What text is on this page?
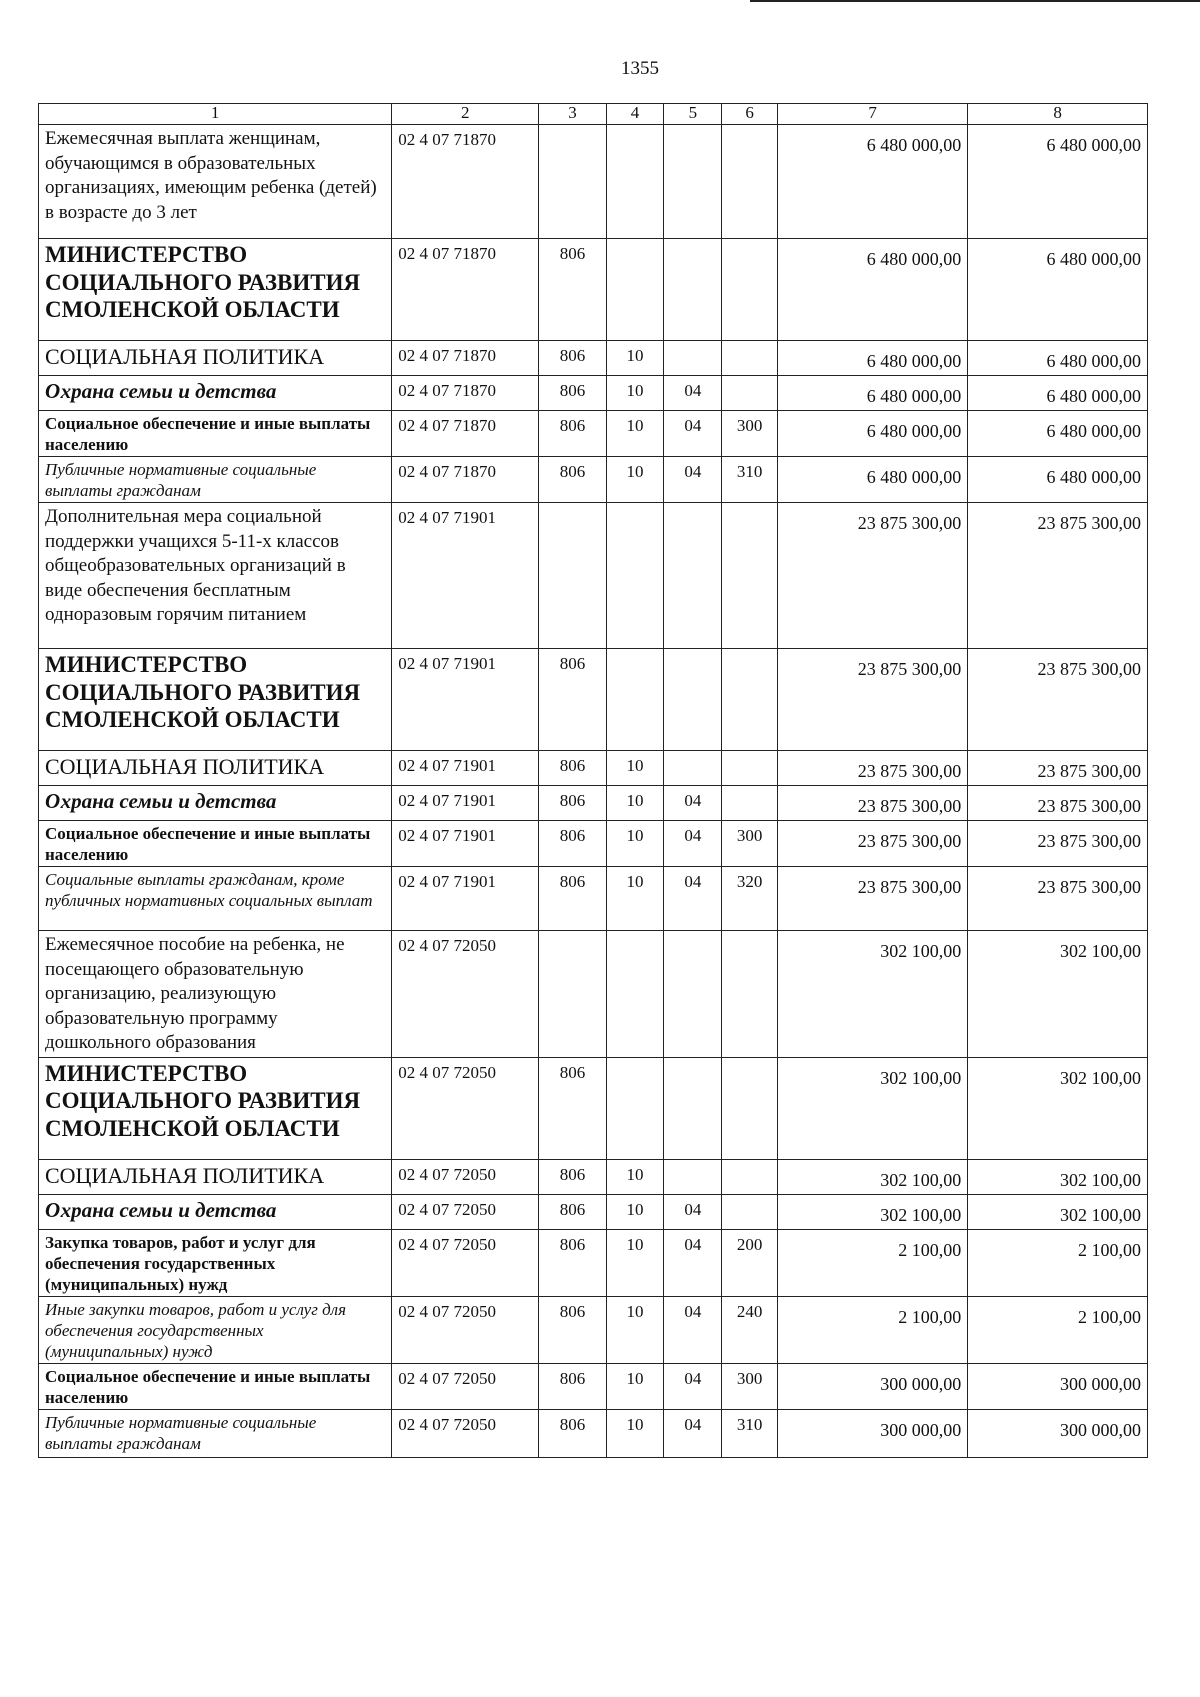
1355
1	2	3	4	5	6	7	8
Ежемесячная выплата женщинам, обучающимся в образовательных организациях, имеющим ребенка (детей) в возрасте до 3 лет	02 4 07 71870					6 480 000,00	6 480 000,00
МИНИСТЕРСТВО СОЦИАЛЬНОГО РАЗВИТИЯ СМОЛЕНСКОЙ ОБЛАСТИ	02 4 07 71870	806				6 480 000,00	6 480 000,00
СОЦИАЛЬНАЯ ПОЛИТИКА	02 4 07 71870	806	10			6 480 000,00	6 480 000,00
Охрана семьи и детства	02 4 07 71870	806	10	04		6 480 000,00	6 480 000,00
Социальное обеспечение и иные выплаты населению	02 4 07 71870	806	10	04	300	6 480 000,00	6 480 000,00
Публичные нормативные социальные выплаты гражданам	02 4 07 71870	806	10	04	310	6 480 000,00	6 480 000,00
Дополнительная мера социальной поддержки учащихся 5-11-х классов общеобразовательных организаций в виде обеспечения бесплатным одноразовым горячим питанием	02 4 07 71901					23 875 300,00	23 875 300,00
МИНИСТЕРСТВО СОЦИАЛЬНОГО РАЗВИТИЯ СМОЛЕНСКОЙ ОБЛАСТИ	02 4 07 71901	806				23 875 300,00	23 875 300,00
СОЦИАЛЬНАЯ ПОЛИТИКА	02 4 07 71901	806	10			23 875 300,00	23 875 300,00
Охрана семьи и детства	02 4 07 71901	806	10	04		23 875 300,00	23 875 300,00
Социальное обеспечение и иные выплаты населению	02 4 07 71901	806	10	04	300	23 875 300,00	23 875 300,00
Социальные выплаты гражданам, кроме публичных нормативных социальных выплат	02 4 07 71901	806	10	04	320	23 875 300,00	23 875 300,00
Ежемесячное пособие на ребенка, не посещающего образовательную организацию, реализующую образовательную программу дошкольного образования	02 4 07 72050					302 100,00	302 100,00
МИНИСТЕРСТВО СОЦИАЛЬНОГО РАЗВИТИЯ СМОЛЕНСКОЙ ОБЛАСТИ	02 4 07 72050	806				302 100,00	302 100,00
СОЦИАЛЬНАЯ ПОЛИТИКА	02 4 07 72050	806	10			302 100,00	302 100,00
Охрана семьи и детства	02 4 07 72050	806	10	04		302 100,00	302 100,00
Закупка товаров, работ и услуг для обеспечения государственных (муниципальных) нужд	02 4 07 72050	806	10	04	200	2 100,00	2 100,00
Иные закупки товаров, работ и услуг для обеспечения государственных (муниципальных) нужд	02 4 07 72050	806	10	04	240	2 100,00	2 100,00
Социальное обеспечение и иные выплаты населению	02 4 07 72050	806	10	04	300	300 000,00	300 000,00
Публичные нормативные социальные выплаты гражданам	02 4 07 72050	806	10	04	310	300 000,00	300 000,00
